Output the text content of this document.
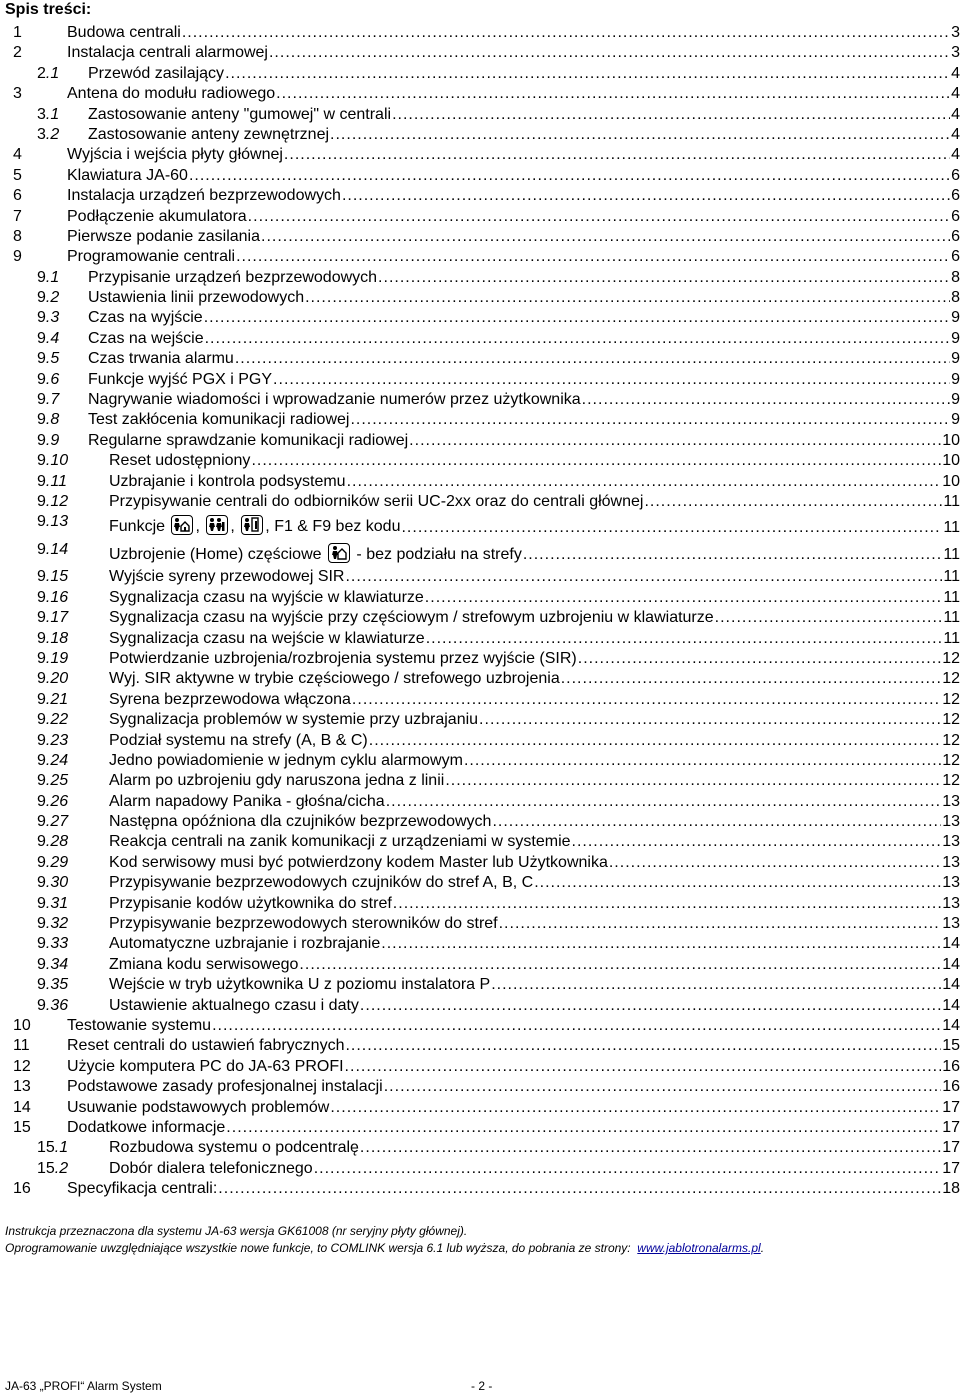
Spis treści:
1	Budowa centrali .....	3
2	Instalacja centrali alarmowej .....	3
2.1 Przewód zasilający .....	4
3	Antena do modułu radiowego .....	4
3.1 Zastosowanie anteny "gumowej" w centrali .....	4
3.2 Zastosowanie anteny zewnętrznej .....	4
4	Wyjścia i wejścia płyty głównej .....	4
5	Klawiatura JA-60 .....	6
6	Instalacja urządzeń bezprzewodowych .....	6
7	Podłączenie akumulatora .....	6
8	Pierwsze podanie zasilania .....	6
9	Programowanie centrali .....	6
9.1 Przypisanie urządzeń bezprzewodowych .....	8
9.2 Ustawienia linii przewodowych .....	8
9.3 Czas na wyjście .....	9
9.4 Czas na wejście .....	9
9.5 Czas trwania alarmu .....	9
9.6 Funkcje wyjść PGX i PGY .....	9
9.7 Nagrywanie wiadomości i wprowadzanie numerów przez użytkownika .....	9
9.8 Test zakłócenia komunikacji radiowej .....	9
9.9 Regularne sprawdzanie komunikacji radiowej .....	10
9.10	Reset udostępniony .....	10
9.11	Uzbrajanie i kontrola podsystemu .....	10
9.12	Przypisywanie centrali do odbiorników serii UC-2xx oraz do centrali głównej .....	11
9.13	Funkcje , , , F1 & F9 bez kodu .....	11
9.14	Uzbrojenie (Home) częściowe - bez podziału na strefy .....	11
9.15	Wyjście syreny przewodowej SIR .....	11
9.16	Sygnalizacja czasu na wyjście w klawiaturze .....	11
9.17	Sygnalizacja czasu na wyjście przy częściowym / strefowym uzbrojeniu w klawiaturze .....	11
9.18	Sygnalizacja czasu na wejście w klawiaturze .....	11
9.19	Potwierdzanie uzbrojenia/rozbrojenia systemu przez wyjście (SIR) .....	12
9.20	Wyj. SIR aktywne w trybie częściowego / strefowego uzbrojenia .....	12
9.21	Syrena bezprzewodowa włączona .....	12
9.22	Sygnalizacja problemów w systemie przy uzbrajaniu .....	12
9.23	Podział systemu na strefy (A, B & C) .....	12
9.24	Jedno powiadomienie w jednym cyklu alarmowym .....	12
9.25	Alarm po uzbrojeniu gdy naruszona jedna z linii .....	12
9.26	Alarm napadowy Panika - głośna/cicha .....	13
9.27	Następna opóźniona dla czujników bezprzewodowych .....	13
9.28	Reakcja centrali na zanik komunikacji z urządzeniami w systemie .....	13
9.29	Kod serwisowy musi być potwierdzony kodem Master lub Użytkownika .....	13
9.30	Przypisywanie bezprzewodowych czujników do stref A, B, C .....	13
9.31	Przypisanie kodów użytkownika do stref .....	13
9.32	Przypisywanie bezprzewodowych sterowników do stref .....	13
9.33	Automatyczne uzbrajanie i rozbrajanie .....	14
9.34	Zmiana kodu serwisowego .....	14
9.35	Wejście w tryb użytkownika U z poziomu instalatora P .....	14
9.36	Ustawienie aktualnego czasu i daty .....	14
10 Testowanie systemu .....	14
11 Reset centrali do ustawień fabrycznych .....	15
12 Użycie komputera PC do JA-63 PROFI .....	16
13 Podstawowe zasady profesjonalnej instalacji .....	16
14 Usuwanie podstawowych problemów .....	17
15 Dodatkowe informacje .....	17
15.1	Rozbudowa systemu o podcentralę .....	17
15.2	Dobór dialera telefonicznego .....	17
16 Specyfikacja centrali: .....	18
Instrukcja przeznaczona dla systemu JA-63 wersja GK61008 (nr seryjny płyty głównej).
Oprogramowanie uwzględniające wszystkie nowe funkcje, to COMLINK wersja 6.1 lub wyższa, do pobrania ze strony: www.jablotronalarms.pl.
JA-63 „PROFI“ Alarm System	- 2 -
